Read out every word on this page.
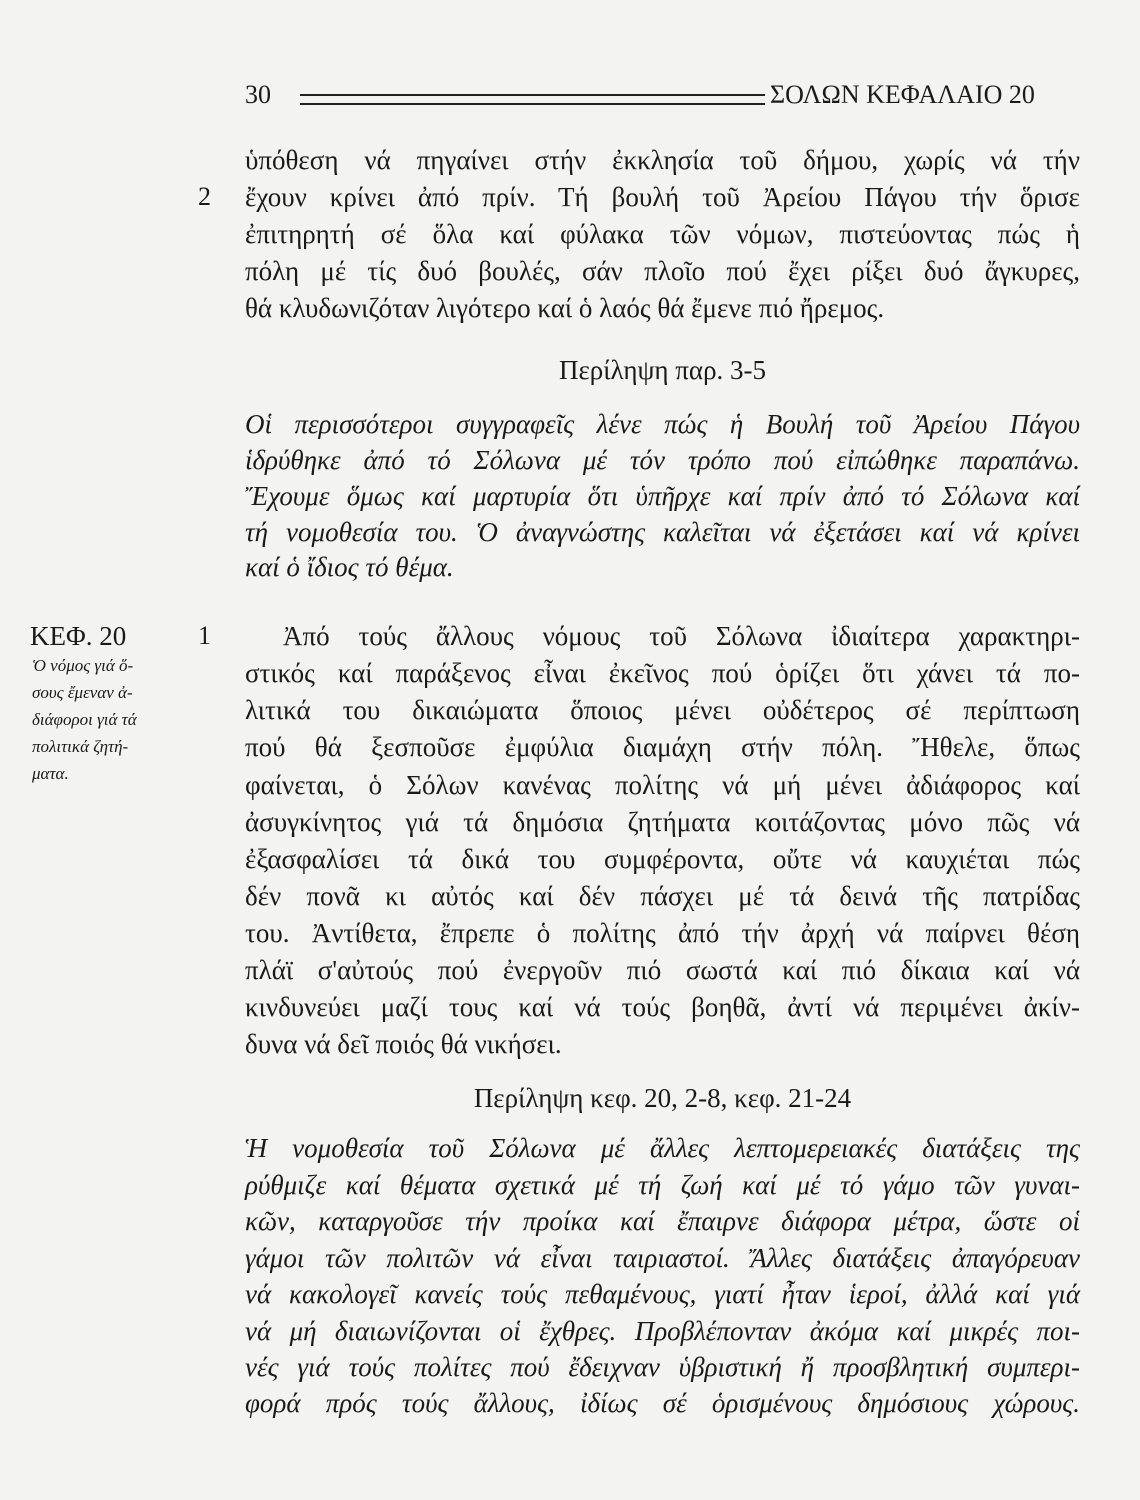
30	ΣΟΛΩΝ ΚΕΦΑΛΑΙΟ 20
2
ὑπόθεση νά πηγαίνει στήν ἐκκλησία τοῦ δήμου, χωρίς νά τήν
ἔχουν κρίνει ἀπό πρίν. Τή βουλή τοῦ Ἀρείου Πάγου τήν ὅρισε
ἐπιτηρητή σέ ὅλα καί φύλακα τῶν νόμων, πιστεύοντας πώς ἡ
πόλη μέ τίς δυό βουλές, σάν πλοῖο πού ἔχει ρίξει δυό ἄγκυρες,
θά κλυδωνιζόταν λιγότερο καί ὁ λαός θά ἔμενε πιό ἤρεμος.
Περίληψη παρ. 3-5
Οἱ περισσότεροι συγγραφεῖς λένε πώς ἡ Βουλή τοῦ Ἀρείου Πάγου
ἱδρύθηκε ἀπό τό Σόλωνα μέ τόν τρόπο πού εἰπώθηκε παραπάνω.
Ἔχουμε ὅμως καί μαρτυρία ὅτι ὑπῆρχε καί πρίν ἀπό τό Σόλωνα καί
τή νομοθεσία του. Ὁ ἀναγνώστης καλεῖται νά ἐξετάσει καί νά κρίνει
καί ὁ ἴδιος τό θέμα.
ΚΕΦ. 20	1
Ὁ νόμος γιά ὅ-
σους ἔμεναν ἀ-
διάφοροι γιά τά
πολιτικά ζητή-
ματα.
Ἀπό τούς ἄλλους νόμους τοῦ Σόλωνα ἰδιαίτερα χαρακτηρι-
στικός καί παράξενος εἶναι ἐκεῖνος πού ὁρίζει ὅτι χάνει τά πο-
λιτικά του δικαιώματα ὅποιος μένει οὐδέτερος σέ περίπτωση
πού θά ξεσποῦσε ἐμφύλια διαμάχη στήν πόλη. Ἤθελε, ὅπως
φαίνεται, ὁ Σόλων κανένας πολίτης νά μή μένει ἀδιάφορος καί
ἀσυγκίνητος γιά τά δημόσια ζητήματα κοιτάζοντας μόνο πῶς νά
ἐξασφαλίσει τά δικά του συμφέροντα, οὔτε νά καυχιέται πώς
δέν πονᾶ κι αὐτός καί δέν πάσχει μέ τά δεινά τῆς πατρίδας
του. Ἀντίθετα, ἔπρεπε ὁ πολίτης ἀπό τήν ἀρχή νά παίρνει θέση
πλάϊ σ'αὐτούς πού ἐνεργοῦν πιό σωστά καί πιό δίκαια καί νά
κινδυνεύει μαζί τους καί νά τούς βοηθᾶ, ἀντί νά περιμένει ἀκίν-
δυνα νά δεῖ ποιός θά νικήσει.
Περίληψη κεφ. 20, 2-8, κεφ. 21-24
Ἡ νομοθεσία τοῦ Σόλωνα μέ ἄλλες λεπτομερειακές διατάξεις της
ρύθμιζε καί θέματα σχετικά μέ τή ζωή καί μέ τό γάμο τῶν γυναι-
κῶν, καταργοῦσε τήν προίκα καί ἔπαιρνε διάφορα μέτρα, ὥστε οἱ
γάμοι τῶν πολιτῶν νά εἶναι ταιριαστοί. Ἄλλες διατάξεις ἀπαγόρευαν
νά κακολογεῖ κανείς τούς πεθαμένους, γιατί ἦταν ἱεροί, ἀλλά καί γιά
νά μή διαιωνίζονται οἱ ἔχθρες. Προβλέπονταν ἀκόμα καί μικρές ποι-
νές γιά τούς πολίτες πού ἔδειχναν ὑβριστική ἤ προσβλητική συμπερι-
φορά πρός τούς ἄλλους, ἰδίως σέ ὁρισμένους δημόσιους χώρους.
